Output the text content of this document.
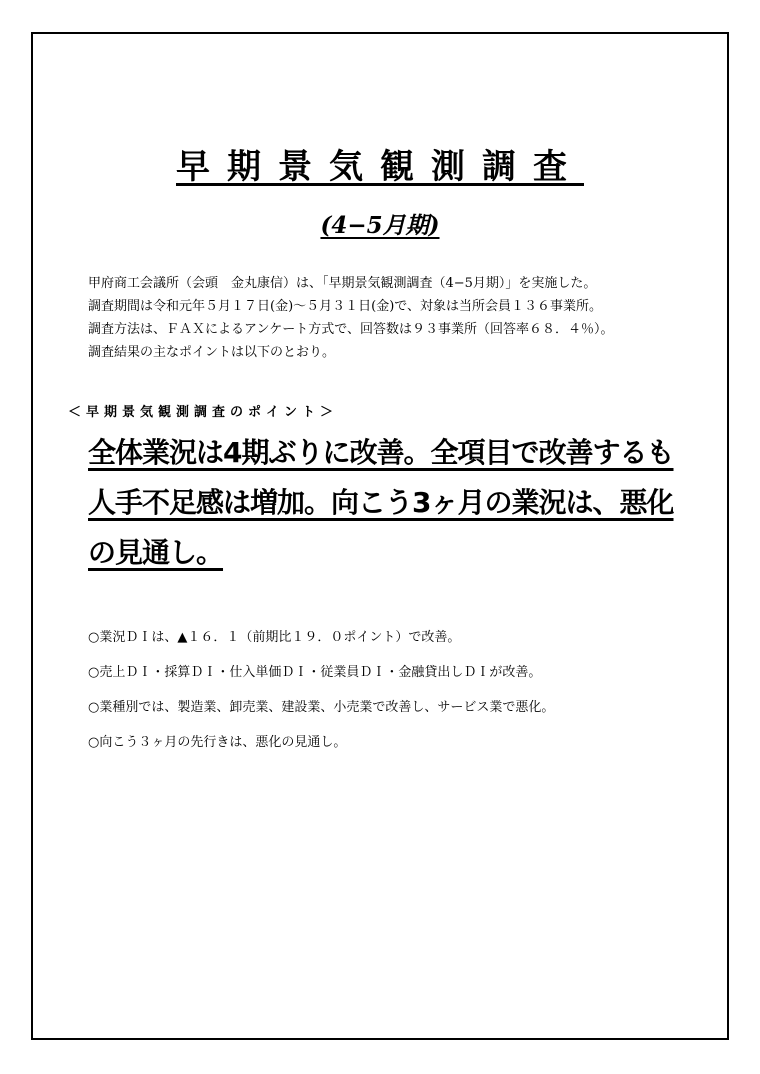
早期景気観測調査
(4−5月期)

甲府商工会議所（会頭　金丸康信）は、「早期景気観測調査（4−5月期）」を実施した。

調査期間は令和元年５月１７日(金)〜５月３１日(金)で、対象は当所会員１３６事業所。

調査方法は、ＦＡＸによるアンケート方式で、回答数は９３事業所（回答率６８．４％）。

調査結果の主なポイントは以下のとおり。

＜早期景気観測調査のポイント＞
全体業況は4期ぶりに改善。全項目で改善するも人手不足感は増加。向こう3ヶ月の業況は、悪化の見通し。

○業況ＤＩは、▲１６．１（前期比１９．０ポイント）で改善。

○売上ＤＩ・採算ＤＩ・仕入単価ＤＩ・従業員ＤＩ・金融貸出しＤＩが改善。

○業種別では、製造業、卸売業、建設業、小売業で改善し、サービス業で悪化。

○向こう３ヶ月の先行きは、悪化の見通し。
